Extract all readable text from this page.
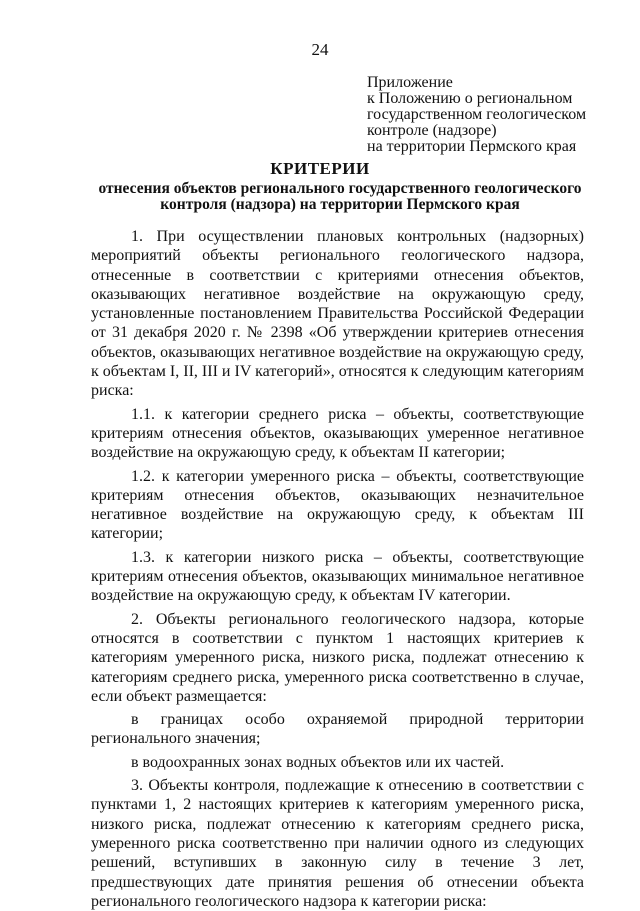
24
Приложение
к Положению о региональном
государственном геологическом
контроле (надзоре)
на территории Пермского края
КРИТЕРИИ
отнесения объектов регионального государственного геологического контроля (надзора) на территории Пермского края

1. При осуществлении плановых контрольных (надзорных) мероприятий объекты регионального геологического надзора, отнесенные в соответствии с критериями отнесения объектов, оказывающих негативное воздействие на окружающую среду, установленные постановлением Правительства Российской Федерации от 31 декабря 2020 г. № 2398 «Об утверждении критериев отнесения объектов, оказывающих негативное воздействие на окружающую среду, к объектам I, II, III и IV категорий», относятся к следующим категориям риска:

1.1. к категории среднего риска – объекты, соответствующие критериям отнесения объектов, оказывающих умеренное негативное воздействие на окружающую среду, к объектам II категории;

1.2. к категории умеренного риска – объекты, соответствующие критериям отнесения объектов, оказывающих незначительное негативное воздействие на окружающую среду, к объектам III категории;

1.3. к категории низкого риска – объекты, соответствующие критериям отнесения объектов, оказывающих минимальное негативное воздействие на окружающую среду, к объектам IV категории.

2. Объекты регионального геологического надзора, которые относятся в соответствии с пунктом 1 настоящих критериев к категориям умеренного риска, низкого риска, подлежат отнесению к категориям среднего риска, умеренного риска соответственно в случае, если объект размещается:

в границах особо охраняемой природной территории регионального значения;

в водоохранных зонах водных объектов или их частей.

3. Объекты контроля, подлежащие к отнесению в соответствии с пунктами 1, 2 настоящих критериев к категориям умеренного риска, низкого риска, подлежат отнесению к категориям среднего риска, умеренного риска соответственно при наличии одного из следующих решений, вступивших в законную силу в течение 3 лет, предшествующих дате принятия решения об отнесении объекта регионального геологического надзора к категории риска:
